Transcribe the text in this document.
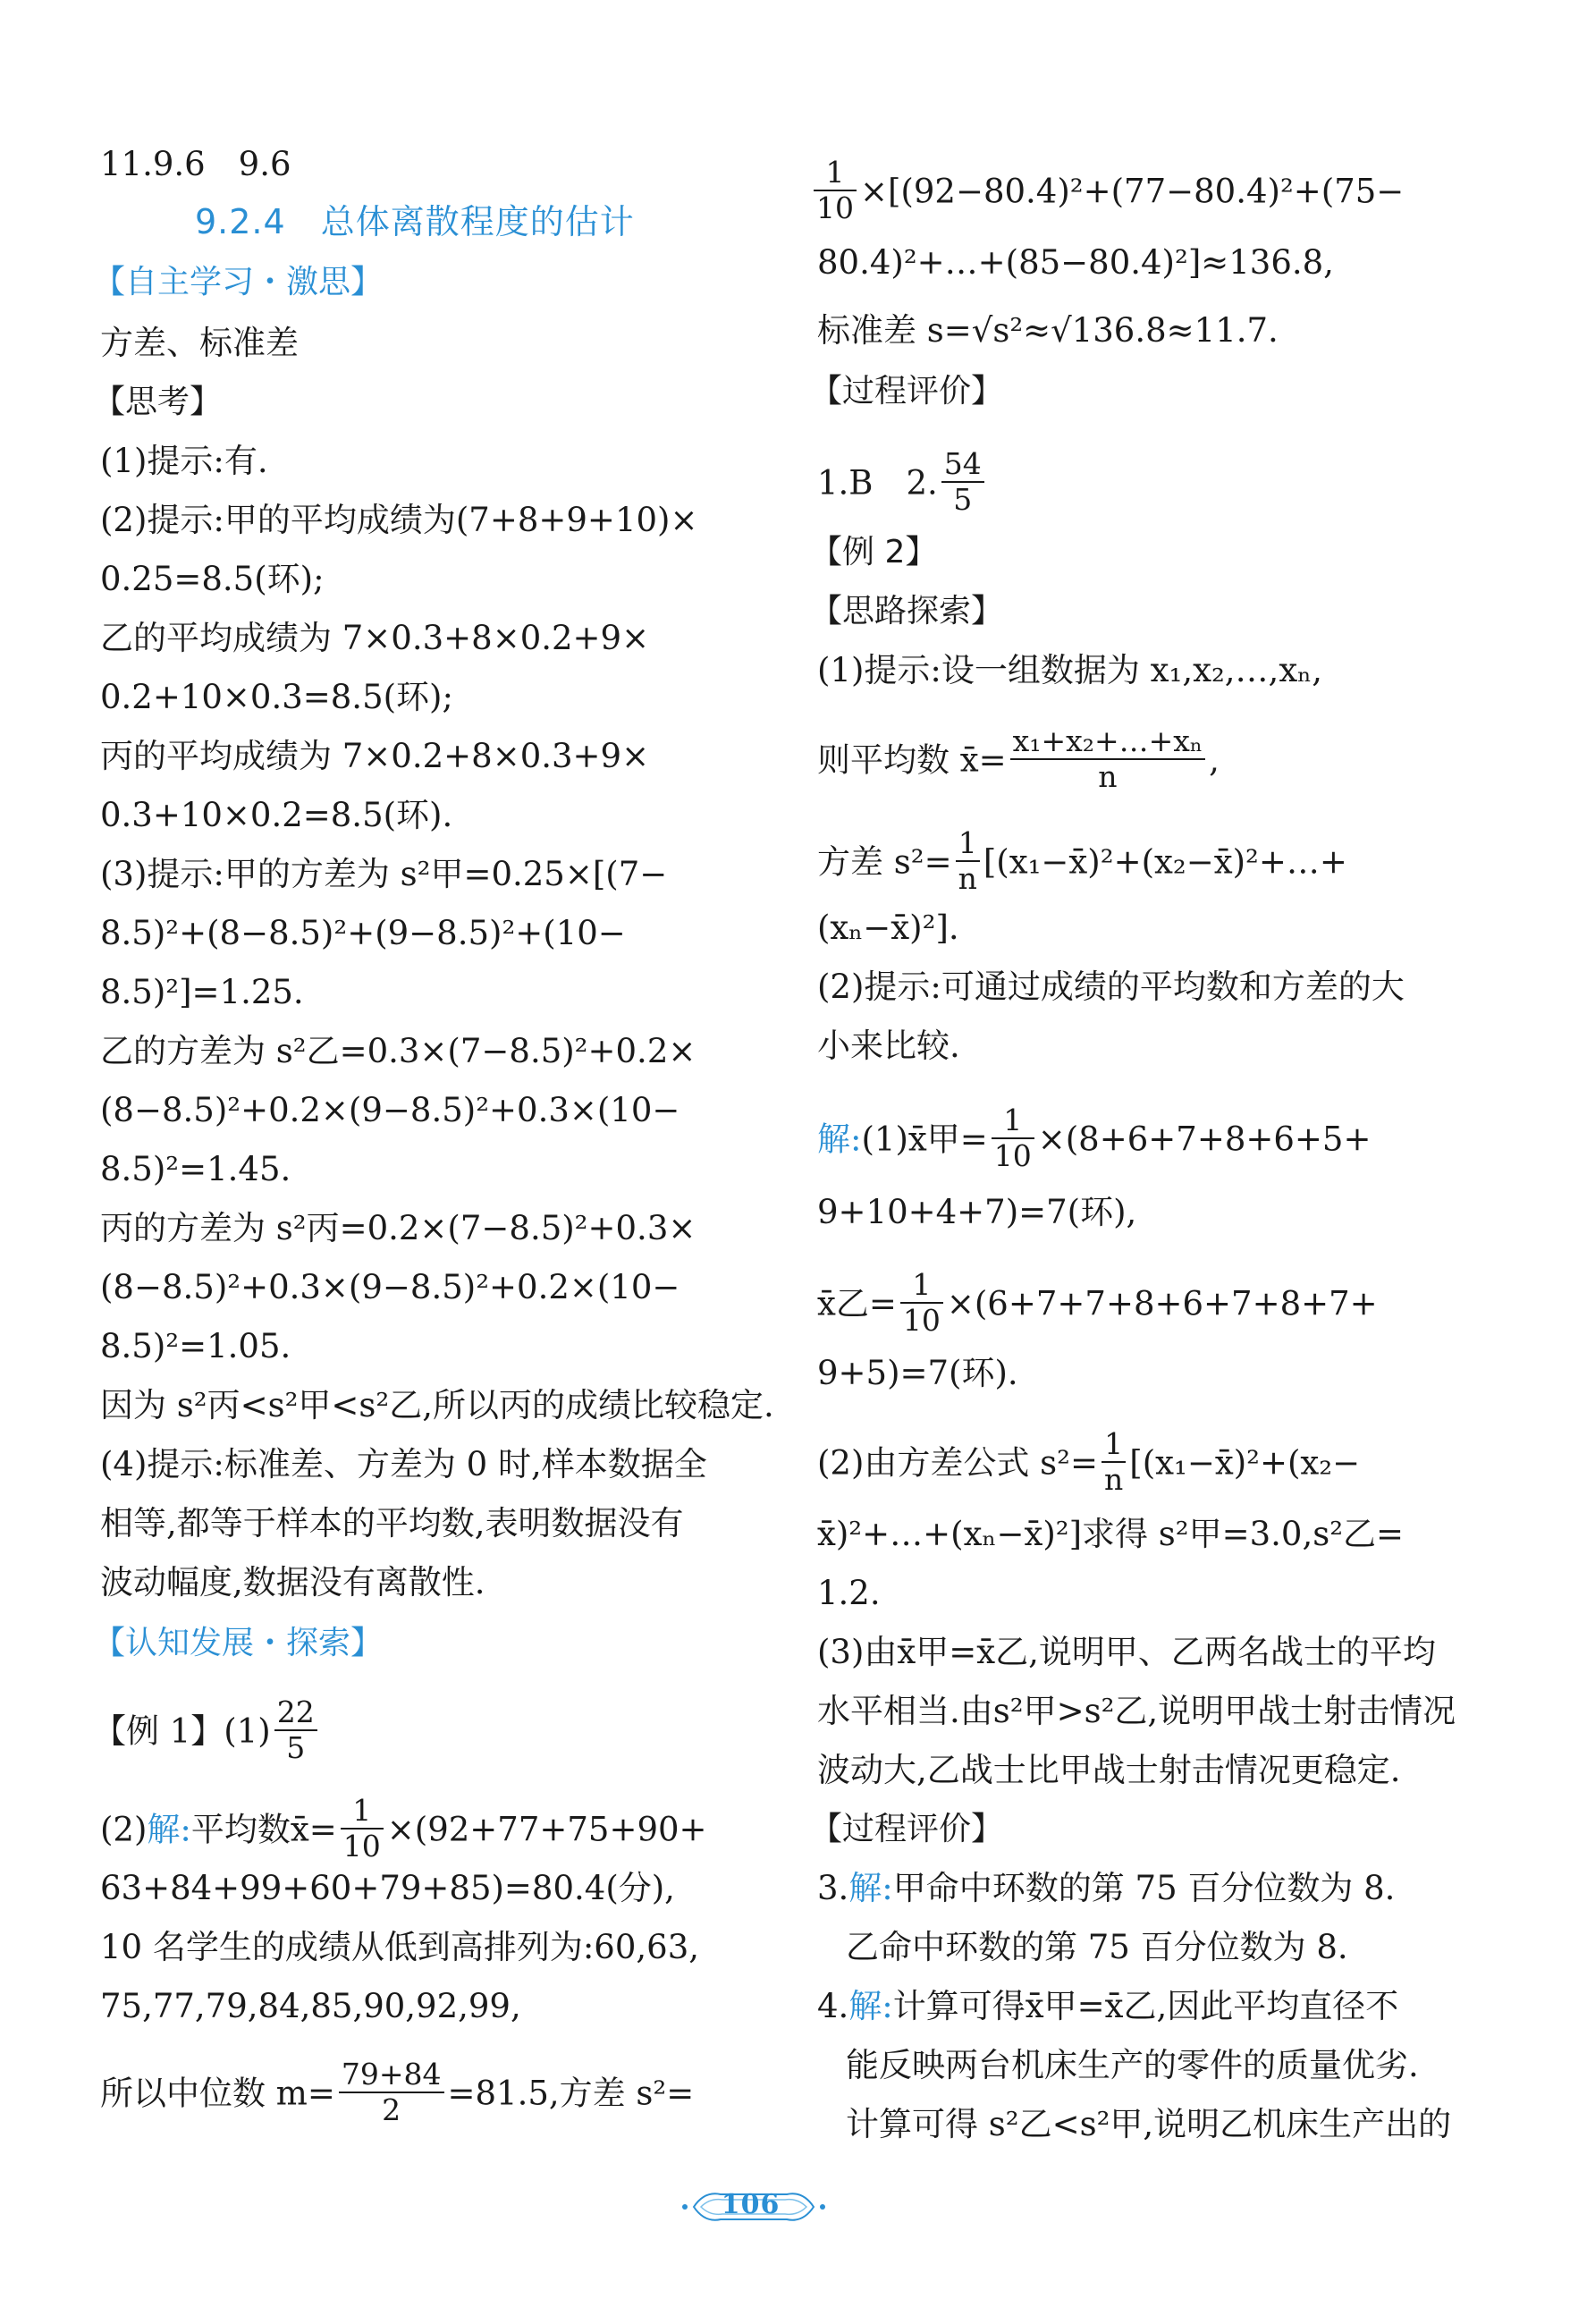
11.9.6　9.6
9.2.4　总体离散程度的估计
【自主学习・激思】
方差、标准差
【思考】
(1)提示:有.
(2)提示:甲的平均成绩为(7+8+9+10)×
0.25=8.5(环);
乙的平均成绩为 7×0.3+8×0.2+9×
0.2+10×0.3=8.5(环);
丙的平均成绩为 7×0.2+8×0.3+9×
0.3+10×0.2=8.5(环).
(3)提示:甲的方差为 s²甲=0.25×[(7−
8.5)²+(8−8.5)²+(9−8.5)²+(10−
8.5)²]=1.25.
乙的方差为 s²乙=0.3×(7−8.5)²+0.2×
(8−8.5)²+0.2×(9−8.5)²+0.3×(10−
8.5)²=1.45.
丙的方差为 s²丙=0.2×(7−8.5)²+0.3×
(8−8.5)²+0.3×(9−8.5)²+0.2×(10−
8.5)²=1.05.
因为 s²丙<s²甲<s²乙,所以丙的成绩比较稳定.
(4)提示:标准差、方差为 0 时,样本数据全
相等,都等于样本的平均数,表明数据没有
波动幅度,数据没有离散性.
【认知发展・探索】
【例 1】$(1) \frac{22}{5}$
(2)解:平均数x̄= $\frac{1}{10} \times(92+77+75+90+$
63+84+99+60+79+85)=80.4(分),
10 名学生的成绩从低到高排列为:60,63,
75,77,79,84,85,90,92,99,
所以中位数 $m= \frac{79+84}{2} =81.5$,方差 s²=
$\frac{1}{10} \times[(92-80.4)^2+(77-80.4)^2+(75-$
80.4)²+…+(85−80.4)²]≈136.8,
标准差 s=√s²≈√136.8≈11.7.
【过程评价】
1.B　2. $\frac{54}{5}$
【例 2】
【思路探索】
(1)提示:设一组数据为 x₁,x₂,…,xₙ,
则平均数 x̄= $\frac{\text{x₁+x₂+…+xₙ}}{n}$ ,
方差 $s^2= \frac{1}{n}$ [(x₁−x̄)²+(x₂−x̄)²+…+
(xₙ−x̄)²].
(2)提示:可通过成绩的平均数和方差的大
小来比较.
解:(1)x̄甲= $\frac{1}{10} \times(8+6+7+8+6+5+$
9+10+4+7)=7(环),
x̄乙= $\frac{1}{10} \times(6+7+7+8+6+7+8+7+$
9+5)=7(环).
(2)由方差公式 $s^2= \frac{1}{n}$ [(x₁−x̄)²+(x₂−
x̄)²+…+(xₙ−x̄)²]求得 s²甲=3.0,s²乙=
1.2.
(3)由x̄甲=x̄乙,说明甲、乙两名战士的平均
水平相当.由s²甲>s²乙,说明甲战士射击情况
波动大,乙战士比甲战士射击情况更稳定.
【过程评价】
3.解:甲命中环数的第 75 百分位数为 8.
乙命中环数的第 75 百分位数为 8.
4.解:计算可得x̄甲=x̄乙,因此平均直径不
能反映两台机床生产的零件的质量优劣.
计算可得 s²乙<s²甲,说明乙机床生产出的
106
